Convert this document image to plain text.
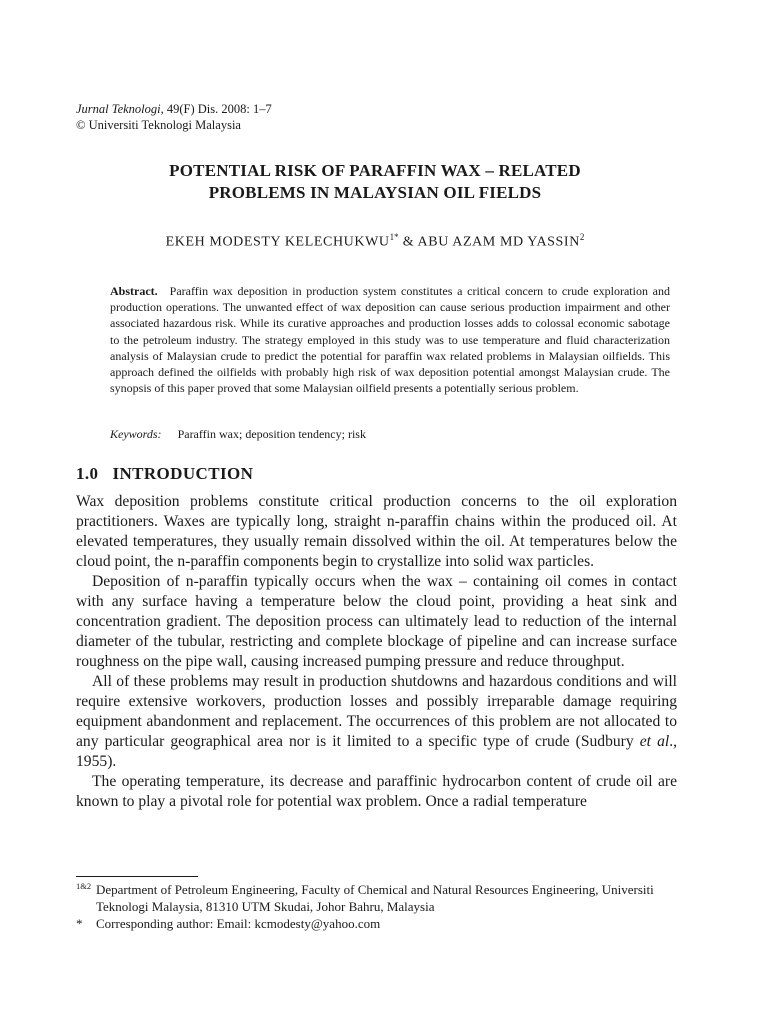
Jurnal Teknologi, 49(F) Dis. 2008: 1–7
© Universiti Teknologi Malaysia
POTENTIAL RISK OF PARAFFIN WAX – RELATED
PROBLEMS IN MALAYSIAN OIL FIELDS
EKEH MODESTY $KELECHUKWU^{1*}$ & ABU AZAM MD YASSIN$^2$
Abstract. Paraffin wax deposition in production system constitutes a critical concern to crude exploration and production operations. The unwanted effect of wax deposition can cause serious production impairment and other associated hazardous risk. While its curative approaches and production losses adds to colossal economic sabotage to the petroleum industry. The strategy employed in this study was to use temperature and fluid characterization analysis of Malaysian crude to predict the potential for paraffin wax related problems in Malaysian oilfields. This approach defined the oilfields with probably high risk of wax deposition potential amongst Malaysian crude. The synopsis of this paper proved that some Malaysian oilfield presents a potentially serious problem.
Keywords: Paraffin wax; deposition tendency; risk
1.0 INTRODUCTION

Wax deposition problems constitute critical production concerns to the oil exploration practitioners. Waxes are typically long, straight n-paraffin chains within the produced oil. At elevated temperatures, they usually remain dissolved within the oil. At temperatures below the cloud point, the n-paraffin components begin to crystallize into solid wax particles.

Deposition of n-paraffin typically occurs when the wax – containing oil comes in contact with any surface having a temperature below the cloud point, providing a heat sink and concentration gradient. The deposition process can ultimately lead to reduction of the internal diameter of the tubular, restricting and complete blockage of pipeline and can increase surface roughness on the pipe wall, causing increased pumping pressure and reduce throughput.

All of these problems may result in production shutdowns and hazardous conditions and will require extensive workovers, production losses and possibly irreparable damage requiring equipment abandonment and replacement. The occurrences of this problem are not allocated to any particular geographical area nor is it limited to a specific type of crude (Sudbury et al., 1955).

The operating temperature, its decrease and paraffinic hydrocarbon content of crude oil are known to play a pivotal role for potential wax problem. Once a radial temperature

1&2 Department of Petroleum Engineering, Faculty of Chemical and Natural Resources Engineering, Universiti Teknologi Malaysia, 81310 UTM Skudai, Johor Bahru, Malaysia
*	Corresponding author: Email: kcmodesty@yahoo.com
